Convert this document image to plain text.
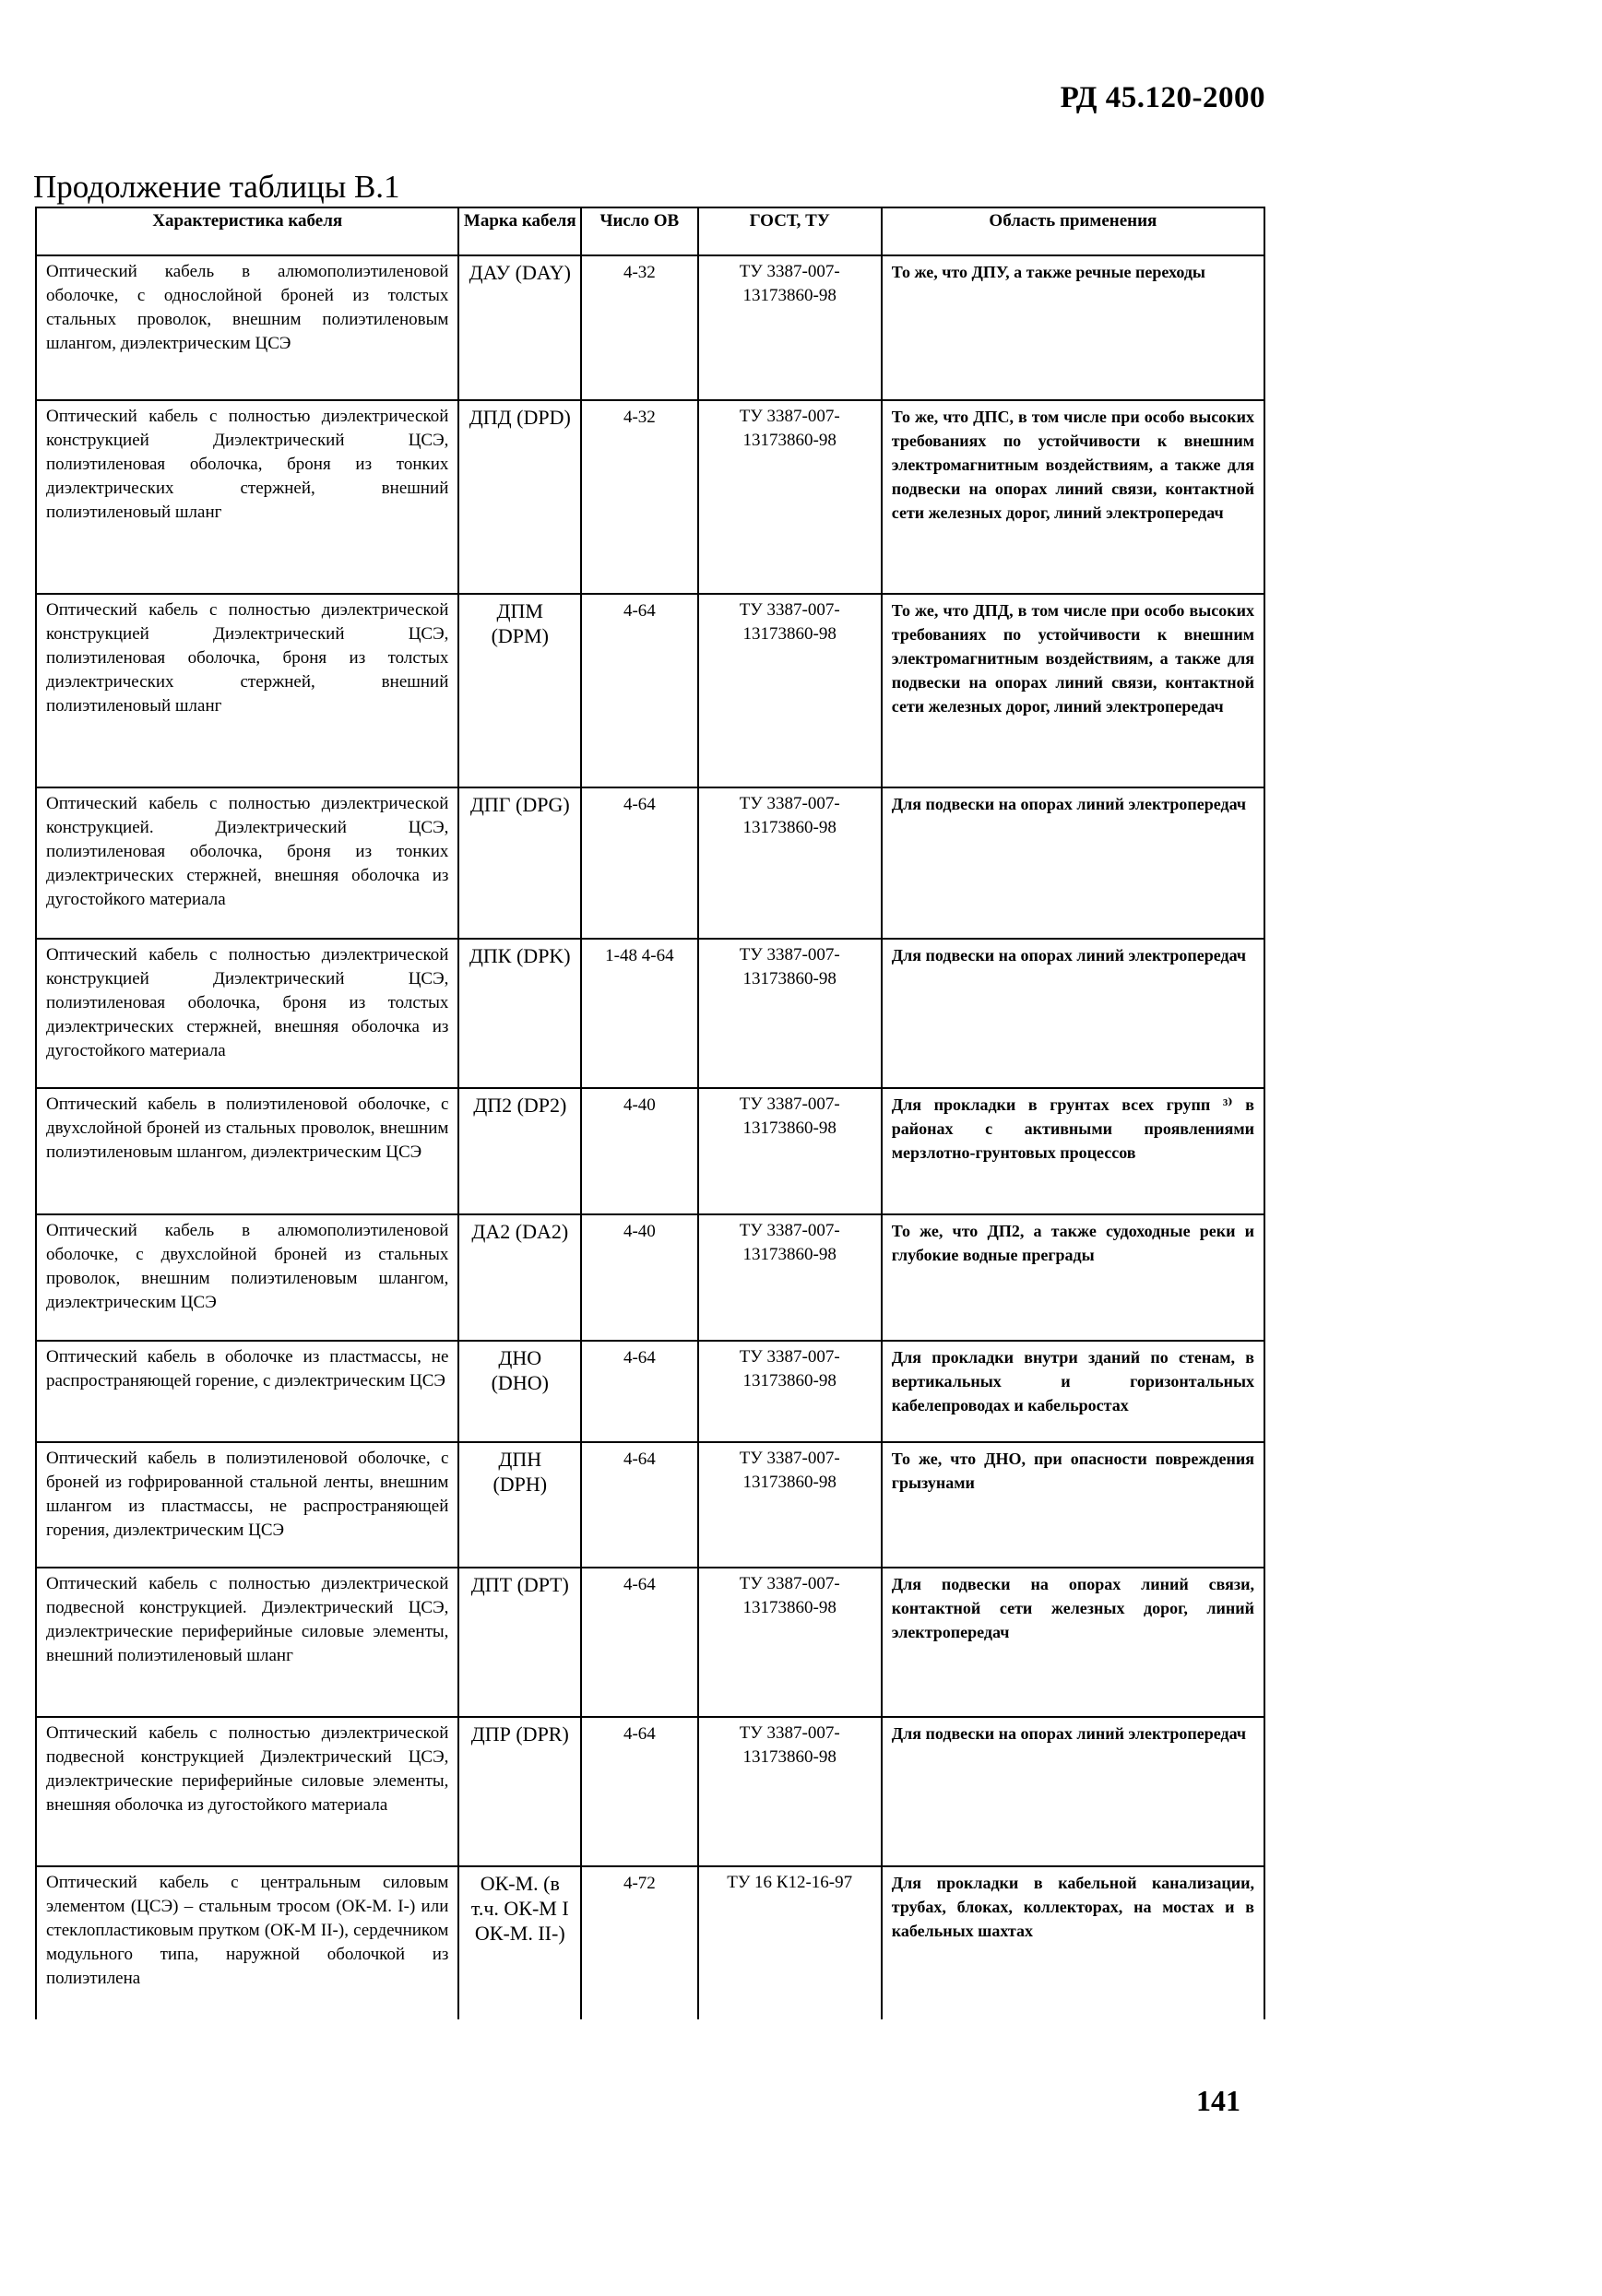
РД 45.120-2000
Продолжение таблицы В.1
Характеристика кабеля	Марка кабеля	Число ОВ	ГОСТ, ТУ	Область применения
Оптический кабель в алюмополиэтиленовой оболочке, с однослойной броней из толстых стальных проволок, внешним полиэтиленовым шлангом, диэлектрическим ЦСЭ	ДАУ (DAY)	4-32	ТУ 3387-007-13173860-98	То же, что ДПУ, а также речные переходы
Оптический кабель с полностью диэлектрической конструкцией Диэлектрический ЦСЭ, полиэтиленовая оболочка, броня из тонких диэлектрических стержней, внешний полиэтиленовый шланг	ДПД (DPD)	4-32	ТУ 3387-007-13173860-98	То же, что ДПС, в том числе при особо высоких требованиях по устойчивости к внешним электромагнитным воздействиям, а также для подвески на опорах линий связи, контактной сети железных дорог, линий электропередач
Оптический кабель с полностью диэлектрической конструкцией Диэлектрический ЦСЭ, полиэтиленовая оболочка, броня из толстых диэлектрических стержней, внешний полиэтиленовый шланг	ДПМ (DPM)	4-64	ТУ 3387-007-13173860-98	То же, что ДПД, в том числе при особо высоких требованиях по устойчивости к внешним электромагнитным воздействиям, а также для подвески на опорах линий связи, контактной сети железных дорог, линий электропередач
Оптический кабель с полностью диэлектрической конструкцией. Диэлектрический ЦСЭ, полиэтиленовая оболочка, броня из тонких диэлектрических стержней, внешняя оболочка из дугостойкого материала	ДПГ (DPG)	4-64	ТУ 3387-007-13173860-98	Для подвески на опорах линий электропередач
Оптический кабель с полностью диэлектрической конструкцией Диэлектрический ЦСЭ, полиэтиленовая оболочка, броня из толстых диэлектрических стержней, внешняя оболочка из дугостойкого материала	ДПК (DPK)	1-48 4-64	ТУ 3387-007-13173860-98	Для подвески на опорах линий электропередач
Оптический кабель в полиэтиленовой оболочке, с двухслойной броней из стальных проволок, внешним полиэтиленовым шлангом, диэлектрическим ЦСЭ	ДП2 (DP2)	4-40	ТУ 3387-007-13173860-98	Для прокладки в грунтах всех групп ³⁾ в районах с активными проявлениями мерзлотно-грунтовых процессов
Оптический кабель в алюмополиэтиленовой оболочке, с двухслойной броней из стальных проволок, внешним полиэтиленовым шлангом, диэлектрическим ЦСЭ	ДА2 (DA2)	4-40	ТУ 3387-007-13173860-98	То же, что ДП2, а также судоходные реки и глубокие водные преграды
Оптический кабель в оболочке из пластмассы, не распространяющей горение, с диэлектрическим ЦСЭ	ДНО (DHO)	4-64	ТУ 3387-007-13173860-98	Для прокладки внутри зданий по стенам, в вертикальных и горизонтальных кабелепроводах и кабельростах
Оптический кабель в полиэтиленовой оболочке, с броней из гофрированной стальной ленты, внешним шлангом из пластмассы, не распространяющей горения, диэлектрическим ЦСЭ	ДПН (DPH)	4-64	ТУ 3387-007-13173860-98	То же, что ДНО, при опасности повреждения грызунами
Оптический кабель с полностью диэлектрической подвесной конструкцией. Диэлектрический ЦСЭ, диэлектрические периферийные силовые элементы, внешний полиэтиленовый шланг	ДПТ (DPT)	4-64	ТУ 3387-007-13173860-98	Для подвески на опорах линий связи, контактной сети железных дорог, линий электропередач
Оптический кабель с полностью диэлектрической подвесной конструкцией Диэлектрический ЦСЭ, диэлектрические периферийные силовые элементы, внешняя оболочка из дугостойкого материала	ДПР (DPR)	4-64	ТУ 3387-007-13173860-98	Для подвески на опорах линий электропередач
Оптический кабель с центральным силовым элементом (ЦСЭ) – стальным тросом (ОК-М. I-) или стеклопластиковым прутком (ОК-М II-), сердечником модульного типа, наружной оболочкой из полиэтилена	ОК-М. (в т.ч. ОК-М I ОК-М. II-)	4-72	ТУ 16 К12-16-97	Для прокладки в кабельной канализации, трубах, блоках, коллекторах, на мостах и в кабельных шахтах
141
